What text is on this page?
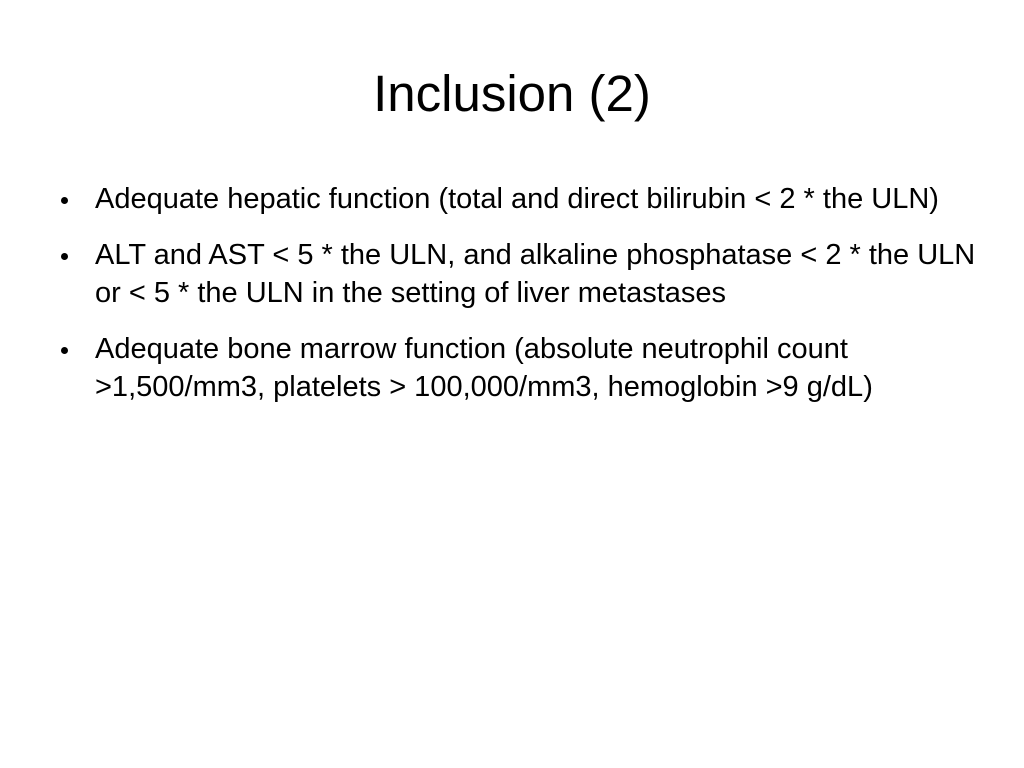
Inclusion (2)
Adequate hepatic function (total and direct bilirubin < 2 * the ULN)
ALT and AST < 5 * the ULN, and alkaline phosphatase < 2 * the ULN or < 5 * the ULN in the setting of liver metastases
Adequate bone marrow function (absolute neutrophil count >1,500/mm3, platelets > 100,000/mm3, hemoglobin >9 g/dL)
